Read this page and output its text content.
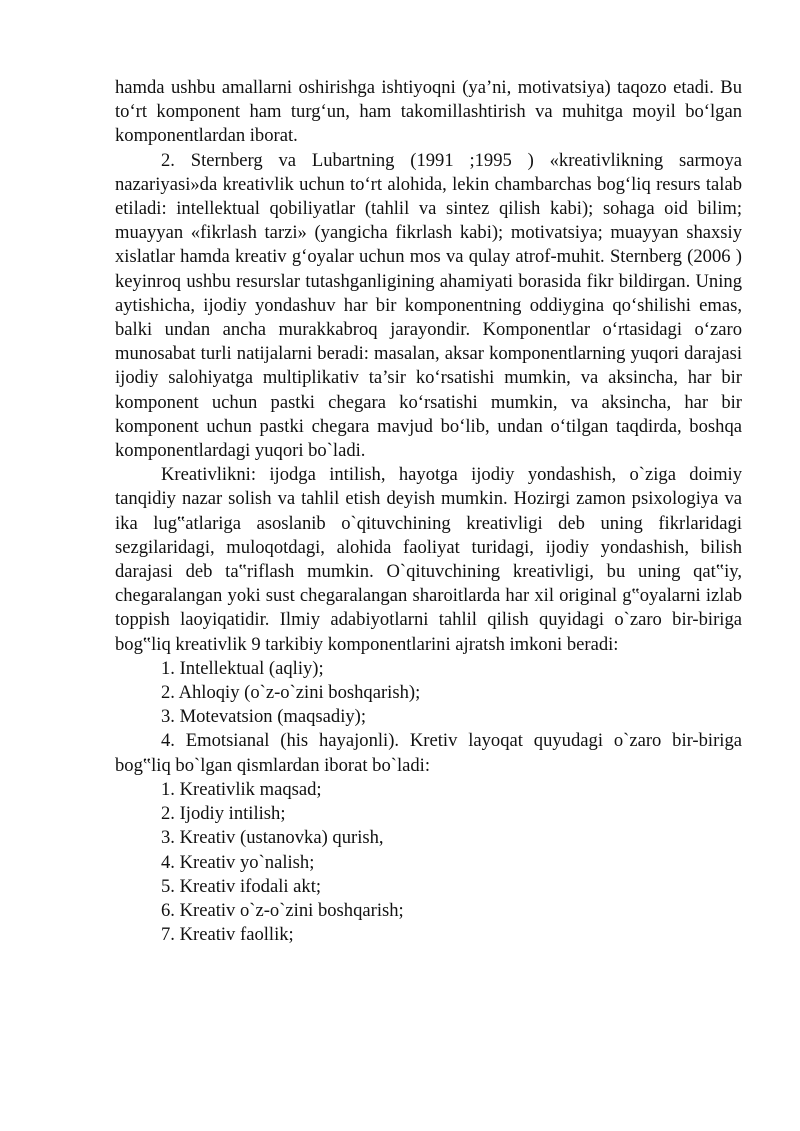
hamda ushbu amallarni oshirishga ishtiyoqni (ya’ni, motivatsiya) taqozo etadi. Bu to‘rt komponent ham turg‘un, ham takomillashtirish va muhitga moyil bo‘lgan komponentlardan iborat.

2. Sternberg va Lubartning (1991 ;1995 ) «kreativlikning sarmoya nazariyasi»da kreativlik uchun to‘rt alohida, lekin chambarchas bog‘liq resurs talab etiladi: intellektual qobiliyatlar (tahlil va sintez qilish kabi); sohaga oid bilim; muayyan «fikrlash tarzi» (yangicha fikrlash kabi); motivatsiya; muayyan shaxsiy xislatlar hamda kreativ g‘oyalar uchun mos va qulay atrof-muhit. Sternberg (2006 ) keyinroq ushbu resurslar tutashganligining ahamiyati borasida fikr bildirgan. Uning aytishicha, ijodiy yondashuv har bir komponentning oddiygina qo‘shilishi emas, balki undan ancha murakkabroq jarayondir. Komponentlar o‘rtasidagi o‘zaro munosabat turli natijalarni beradi: masalan, aksar komponentlarning yuqori darajasi ijodiy salohiyatga multiplikativ ta’sir ko‘rsatishi mumkin, va aksincha, har bir komponent uchun pastki chegara ko‘rsatishi mumkin, va aksincha, har bir komponent uchun pastki chegara mavjud bo‘lib, undan o‘tilgan taqdirda, boshqa komponentlardagi yuqori bo`ladi.

Kreativlikni: ijodga intilish, hayotga ijodiy yondashish, o`ziga doimiy tanqidiy nazar solish va tahlil etish deyish mumkin. Hozirgi zamon psixologiya va ika lug‟atlariga asoslanib o`qituvchining kreativligi deb uning fikrlaridagi sezgilaridagi, muloqotdagi, alohida faoliyat turidagi, ijodiy yondashish, bilish darajasi deb ta‟riflash mumkin. O`qituvchining kreativligi, bu uning qat‟iy, chegaralangan yoki sust chegaralangan sharoitlarda har xil original g‟oyalarni izlab toppish laoyiqatidir. Ilmiy adabiyotlarni tahlil qilish quyidagi o`zaro bir-biriga bog‟liq kreativlik 9 tarkibiy komponentlarini ajratsh imkoni beradi:

1. Intellektual (aqliy);

2. Ahloqiy (o`z-o`zini boshqarish);

3. Motevatsion (maqsadiy);

4. Emotsianal (his hayajonli). Kretiv layoqat quyudagi o`zaro bir-biriga bog‟liq bo`lgan qismlardan iborat bo`ladi:

1. Kreativlik maqsad;

2. Ijodiy intilish;

3. Kreativ (ustanovka) qurish,

4. Kreativ yo`nalish;

5. Kreativ ifodali akt;

6. Kreativ o`z-o`zini boshqarish;

7. Kreativ faollik;
